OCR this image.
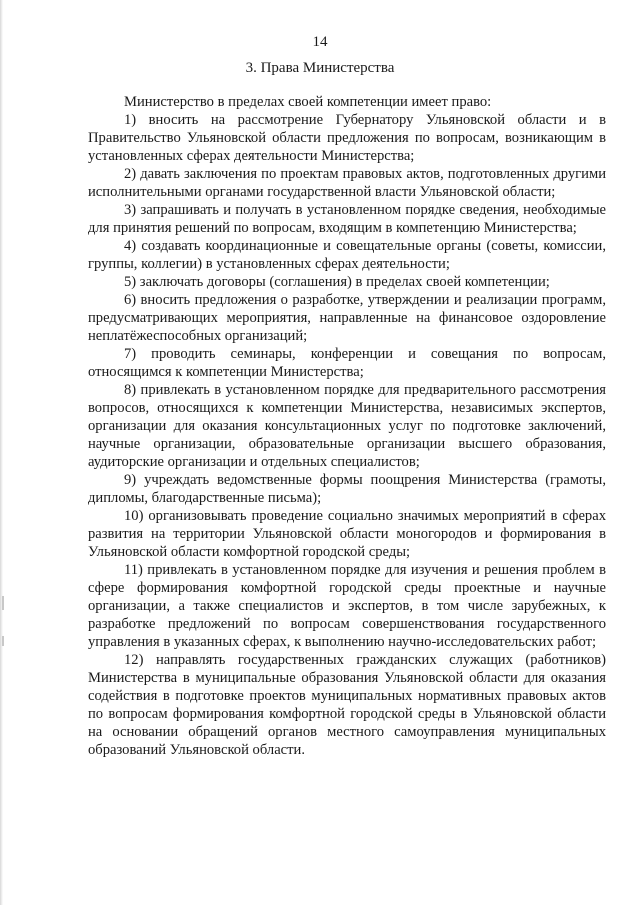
14
3. Права Министерства

Министерство в пределах своей компетенции имеет право:

1) вносить на рассмотрение Губернатору Ульяновской области и в Правительство Ульяновской области предложения по вопросам, возникающим в установленных сферах деятельности Министерства;

2) давать заключения по проектам правовых актов, подготовленных другими исполнительными органами государственной власти Ульяновской области;

3) запрашивать и получать в установленном порядке сведения, необходимые для принятия решений по вопросам, входящим в компетенцию Министерства;

4) создавать координационные и совещательные органы (советы, комиссии, группы, коллегии) в установленных сферах деятельности;

5) заключать договоры (соглашения) в пределах своей компетенции;

6) вносить предложения о разработке, утверждении и реализации программ, предусматривающих мероприятия, направленные на финансовое оздоровление неплатёжеспособных организаций;

7) проводить семинары, конференции и совещания по вопросам, относящимся к компетенции Министерства;

8) привлекать в установленном порядке для предварительного рассмотрения вопросов, относящихся к компетенции Министерства, независимых экспертов, организации для оказания консультационных услуг по подготовке заключений, научные организации, образовательные организации высшего образования, аудиторские организации и отдельных специалистов;

9) учреждать ведомственные формы поощрения Министерства (грамоты, дипломы, благодарственные письма);

10) организовывать проведение социально значимых мероприятий в сферах развития на территории Ульяновской области моногородов и формирования в Ульяновской области комфортной городской среды;

11) привлекать в установленном порядке для изучения и решения проблем в сфере формирования комфортной городской среды проектные и научные организации, а также специалистов и экспертов, в том числе зарубежных, к разработке предложений по вопросам совершенствования государственного управления в указанных сферах, к выполнению научно-исследовательских работ;

12) направлять государственных гражданских служащих (работников) Министерства в муниципальные образования Ульяновской области для оказания содействия в подготовке проектов муниципальных нормативных правовых актов по вопросам формирования комфортной городской среды в Ульяновской области на основании обращений органов местного самоуправления муниципальных образований Ульяновской области.
